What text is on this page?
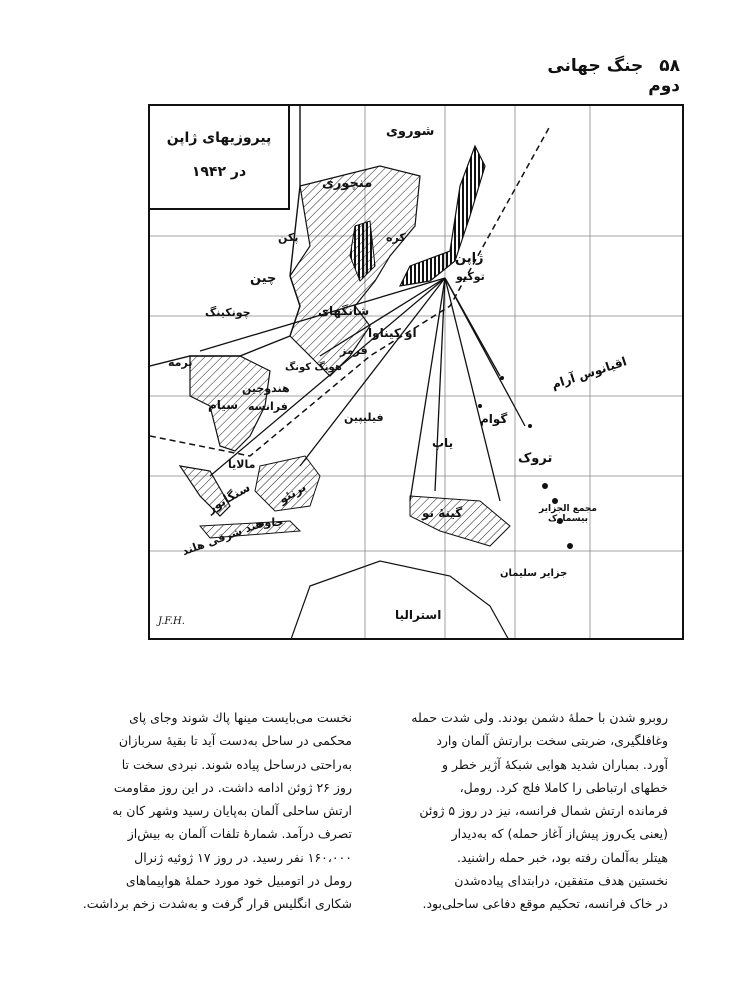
۵۸ جنگ جهانی دوم
پیروزیهای ژاپن
در ۱۹۴۲
شوروی
منچوری
کره
پکن
ژاپن
توکیو
چین
چونکینگ	شانگهای
او کیناوا
فرمز
هونگ کونگ
برمه
هندوچین
فرانسه
سیام
فیلیپین
اقیانوس آرام
گوام
یاپ
تروک
مالایا
سنگاپور برنئو
جاوه
هند شرقی هلند
گینهٔ نو	مجمع الجزایر بیسمارک
جزایر سلیمان
استرالیا
J.F.H.
روبرو شدن با حملهٔ دشمن بودند. ولی شدت حمله
وغافلگیری، ضربتی سخت برارتش آلمان وارد
آورد. بمباران شدید هوایی شبکهٔ آژیر خطر و
خطهای ارتباطی را کاملا فلج کرد. رومل،
فرمانده ارتش شمال فرانسه، نیز در روز ۵ ژوئن
(یعنی یک‌روز پیش‌از آغاز حمله) که به‌دیدار
هیتلر به‌آلمان رفته بود، خبر حمله راشنید.
نخستین هدف متفقین، درابتدای پیاده‌شدن
در خاک فرانسه، تحکیم موقع دفاعی ساحلی‌بود.
نخست می‌بایست مینها پاك شوند وجای پای
محکمی در ساحل به‌دست آید تا بقیهٔ سربازان
به‌راحتی درساحل پیاده شوند. نبردی سخت تا
روز ۲۶ ژوئن ادامه داشت. در این روز مقاومت
ارتش ساحلی آلمان به‌پایان رسید وشهر کان به
تصرف درآمد. شمارهٔ تلفات آلمان به بیش‌از
۱۶۰،۰۰۰ نفر رسید. در روز ۱۷ ژوئیه ژنرال
رومل در اتومبیل خود مورد حملهٔ هواپیماهای
شکاری انگلیس قرار گرفت و به‌شدت زخم برداشت.
